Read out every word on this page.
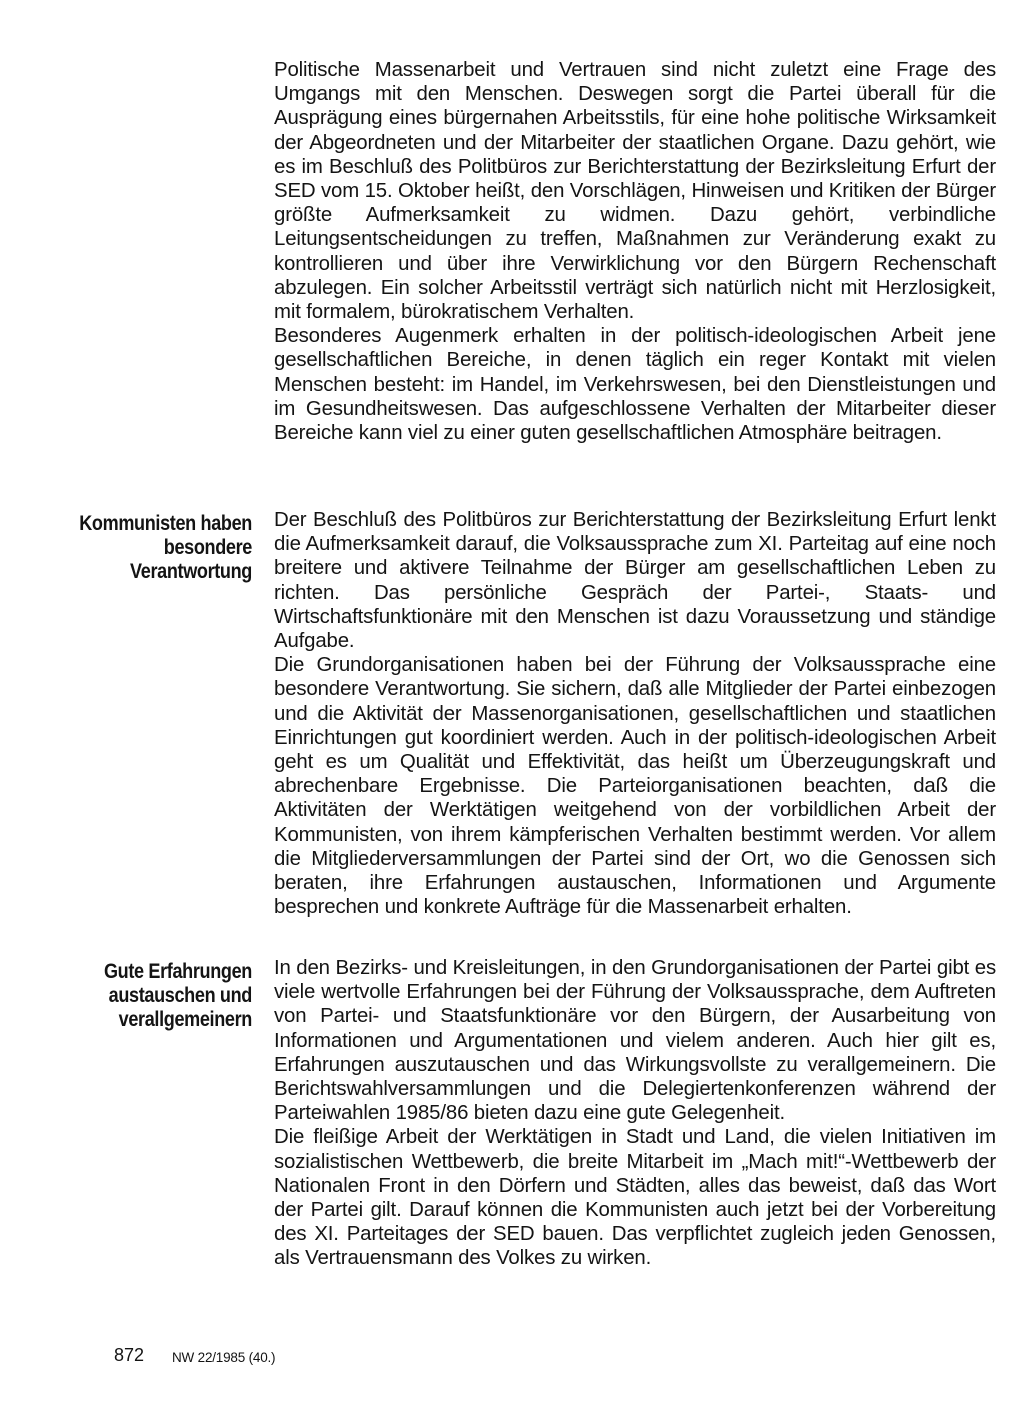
Politische Massenarbeit und Vertrauen sind nicht zuletzt eine Frage des Umgangs mit den Menschen. Deswegen sorgt die Partei überall für die Ausprägung eines bürgernahen Arbeitsstils, für eine hohe politische Wirksamkeit der Abgeordneten und der Mitarbeiter der staatlichen Organe. Dazu gehört, wie es im Beschluß des Politbüros zur Berichterstattung der Bezirksleitung Erfurt der SED vom 15. Oktober heißt, den Vorschlägen, Hinweisen und Kritiken der Bürger größte Aufmerksamkeit zu widmen. Dazu gehört, verbindliche Leitungsentscheidungen zu treffen, Maßnahmen zur Veränderung exakt zu kontrollieren und über ihre Verwirklichung vor den Bürgern Rechenschaft abzulegen. Ein solcher Arbeitsstil verträgt sich natürlich nicht mit Herzlosigkeit, mit formalem, bürokratischem Verhalten.

Besonderes Augenmerk erhalten in der politisch-ideologischen Arbeit jene gesellschaftlichen Bereiche, in denen täglich ein reger Kontakt mit vielen Menschen besteht: im Handel, im Verkehrswesen, bei den Dienstleistungen und im Gesundheitswesen. Das aufgeschlossene Verhalten der Mitarbeiter dieser Bereiche kann viel zu einer guten gesellschaftlichen Atmosphäre beitragen.

Kommunisten haben besondere Verantwortung

Der Beschluß des Politbüros zur Berichterstattung der Bezirksleitung Erfurt lenkt die Aufmerksamkeit darauf, die Volksaussprache zum XI. Parteitag auf eine noch breitere und aktivere Teilnahme der Bürger am gesellschaftlichen Leben zu richten. Das persönliche Gespräch der Partei-, Staats- und Wirtschaftsfunktionäre mit den Menschen ist dazu Voraussetzung und ständige Aufgabe.

Die Grundorganisationen haben bei der Führung der Volksaussprache eine besondere Verantwortung. Sie sichern, daß alle Mitglieder der Partei einbezogen und die Aktivität der Massenorganisationen, gesellschaftlichen und staatlichen Einrichtungen gut koordiniert werden. Auch in der politisch-ideologischen Arbeit geht es um Qualität und Effektivität, das heißt um Überzeugungskraft und abrechenbare Ergebnisse. Die Parteiorganisationen beachten, daß die Aktivitäten der Werktätigen weitgehend von der vorbildlichen Arbeit der Kommunisten, von ihrem kämpferischen Verhalten bestimmt werden. Vor allem die Mitgliederversammlungen der Partei sind der Ort, wo die Genossen sich beraten, ihre Erfahrungen austauschen, Informationen und Argumente besprechen und konkrete Aufträge für die Massenarbeit erhalten.

Gute Erfahrungen austauschen und verallgemeinern

In den Bezirks- und Kreisleitungen, in den Grundorganisationen der Partei gibt es viele wertvolle Erfahrungen bei der Führung der Volksaussprache, dem Auftreten von Partei- und Staatsfunktionäre vor den Bürgern, der Ausarbeitung von Informationen und Argumentationen und vielem anderen. Auch hier gilt es, Erfahrungen auszutauschen und das Wirkungsvollste zu verallgemeinern. Die Berichtswahlversammlungen und die Delegiertenkonferenzen während der Parteiwahlen 1985/86 bieten dazu eine gute Gelegenheit.

Die fleißige Arbeit der Werktätigen in Stadt und Land, die vielen Initiativen im sozialistischen Wettbewerb, die breite Mitarbeit im „Mach mit!“-Wettbewerb der Nationalen Front in den Dörfern und Städten, alles das beweist, daß das Wort der Partei gilt. Darauf können die Kommunisten auch jetzt bei der Vorbereitung des XI. Parteitages der SED bauen. Das verpflichtet zugleich jeden Genossen, als Vertrauensmann des Volkes zu wirken.

872 NW 22/1985 (40.)
